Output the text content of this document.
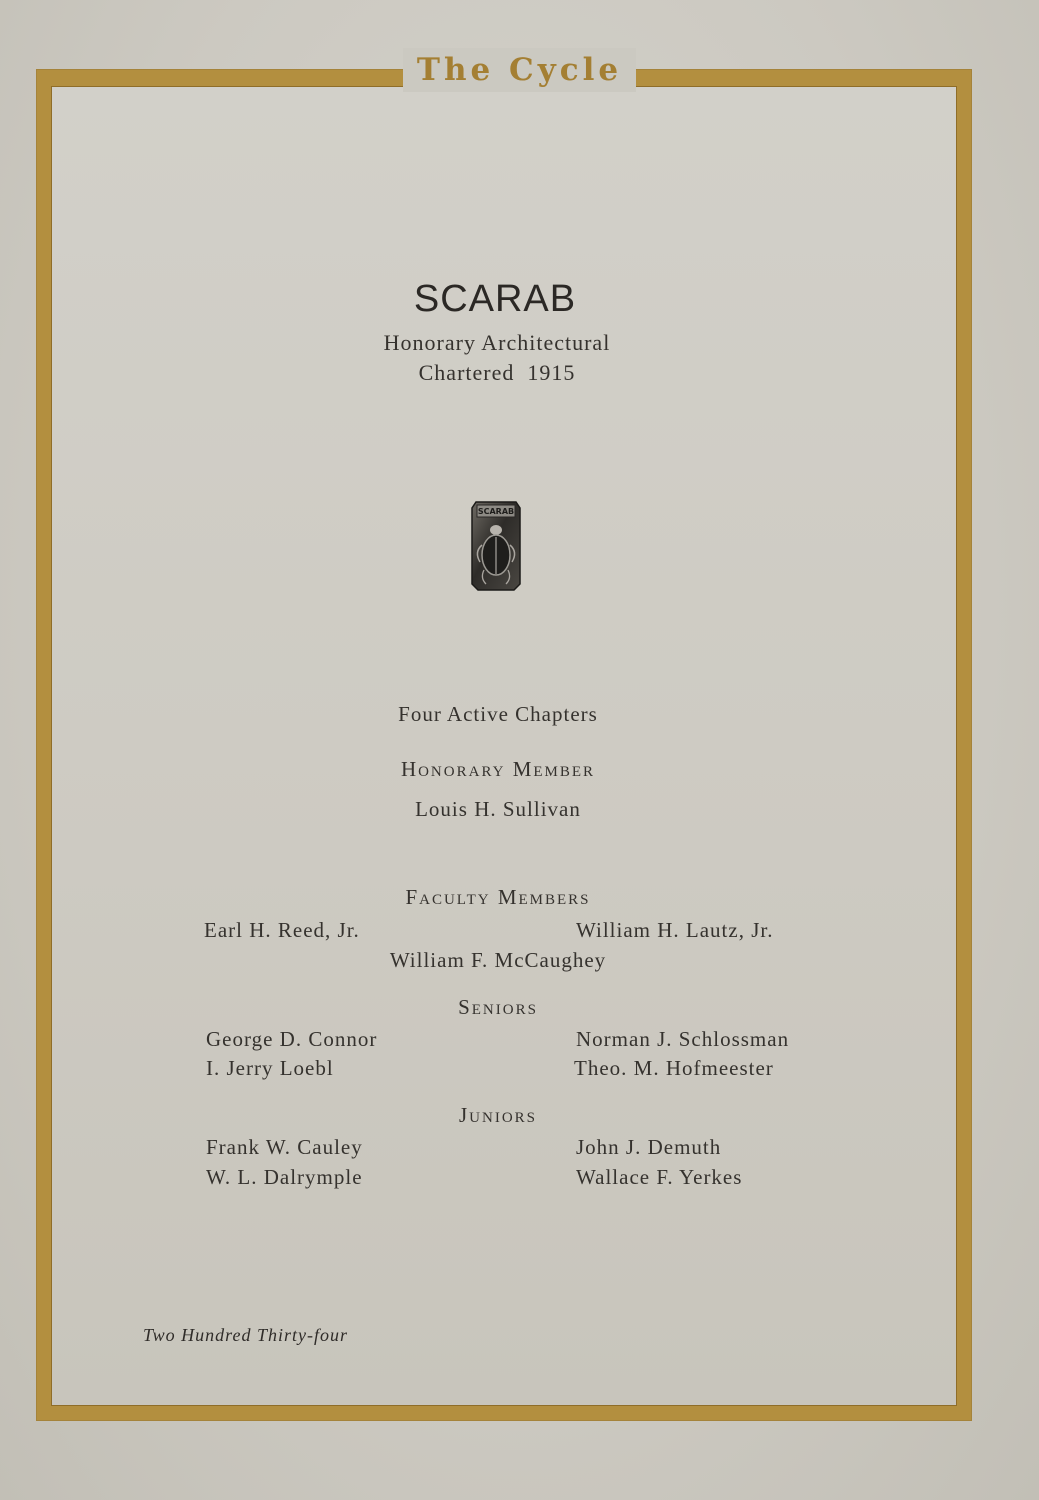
The Cycle
SCARAB
Honorary Architectural
Chartered  1915
SCARAB
Four Active Chapters
Honorary Member
Louis H. Sullivan
Faculty Members
Earl H. Reed, Jr.	William H. Lautz, Jr.
William F. McCaughey
Seniors
George D. Connor	Norman J. Schlossman
I. Jerry Loebl	Theo. M. Hofmeester
Juniors
Frank W. Cauley	John J. Demuth
W. L. Dalrymple	Wallace F. Yerkes
Two Hundred Thirty-four
